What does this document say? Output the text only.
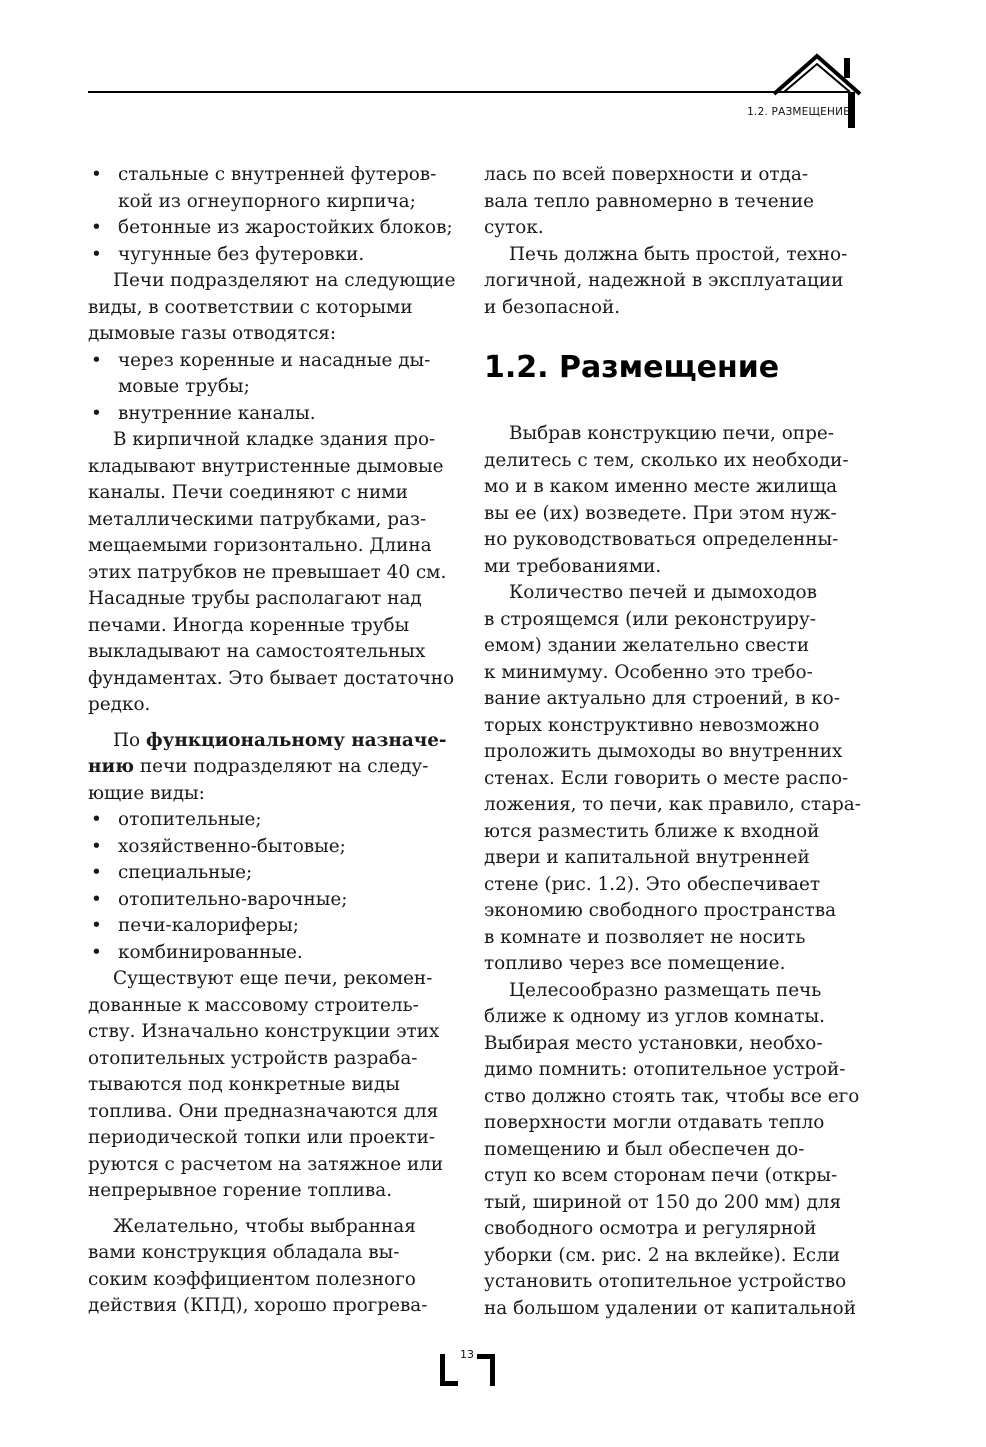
1.2. РАЗМЕЩЕНИЕ

• стальные с внутренней футеров-

кой из огнеупорного кирпича;

• бетонные из жаростойких блоков;

• чугунные без футеровки.

Печи подразделяют на следующие

виды, в соответствии с которыми

дымовые газы отводятся:

• через коренные и насадные ды-

мовые трубы;

• внутренние каналы.

В кирпичной кладке здания про-

кладывают внутристенные дымовые

каналы. Печи соединяют с ними

металлическими патрубками, раз-

мещаемыми горизонтально. Длина

этих патрубков не превышает 40 см.

Насадные трубы располагают над

печами. Иногда коренные трубы

выкладывают на самостоятельных

фундаментах. Это бывает достаточно

редко.

По функциональному назначе-

нию печи подразделяют на следу-

ющие виды:

• отопительные;

• хозяйственно-бытовые;

• специальные;

• отопительно-варочные;

• печи-калориферы;

• комбинированные.

Существуют еще печи, рекомен-

дованные к массовому строитель-

ству. Изначально конструкции этих

отопительных устройств разраба-

тываются под конкретные виды

топлива. Они предназначаются для

периодической топки или проекти-

руются с расчетом на затяжное или

непрерывное горение топлива.

Желательно, чтобы выбранная

вами конструкция обладала вы-

соким коэффициентом полезного

действия (КПД), хорошо прогрева-

лась по всей поверхности и отда-

вала тепло равномерно в течение

суток.

Печь должна быть простой, техно-

логичной, надежной в эксплуатации

и безопасной.

1.2. Размещение

Выбрав конструкцию печи, опре-

делитесь с тем, сколько их необходи-

мо и в каком именно месте жилища

вы ее (их) возведете. При этом нуж-

но руководствоваться определенны-

ми требованиями.

Количество печей и дымоходов

в строящемся (или реконструиру-

емом) здании желательно свести

к минимуму. Особенно это требо-

вание актуально для строений, в ко-

торых конструктивно невозможно

проложить дымоходы во внутренних

стенах. Если говорить о месте распо-

ложения, то печи, как правило, стара-

ются разместить ближе к входной

двери и капитальной внутренней

стене (рис. 1.2). Это обеспечивает

экономию свободного пространства

в комнате и позволяет не носить

топливо через все помещение.

Целесообразно размещать печь

ближе к одному из углов комнаты.

Выбирая место установки, необхо-

димо помнить: отопительное устрой-

ство должно стоять так, чтобы все его

поверхности могли отдавать тепло

помещению и был обеспечен до-

ступ ко всем сторонам печи (откры-

тый, шириной от 150 до 200 мм) для

свободного осмотра и регулярной

уборки (см. рис. 2 на вклейке). Если

установить отопительное устройство

на большом удалении от капитальной

13
